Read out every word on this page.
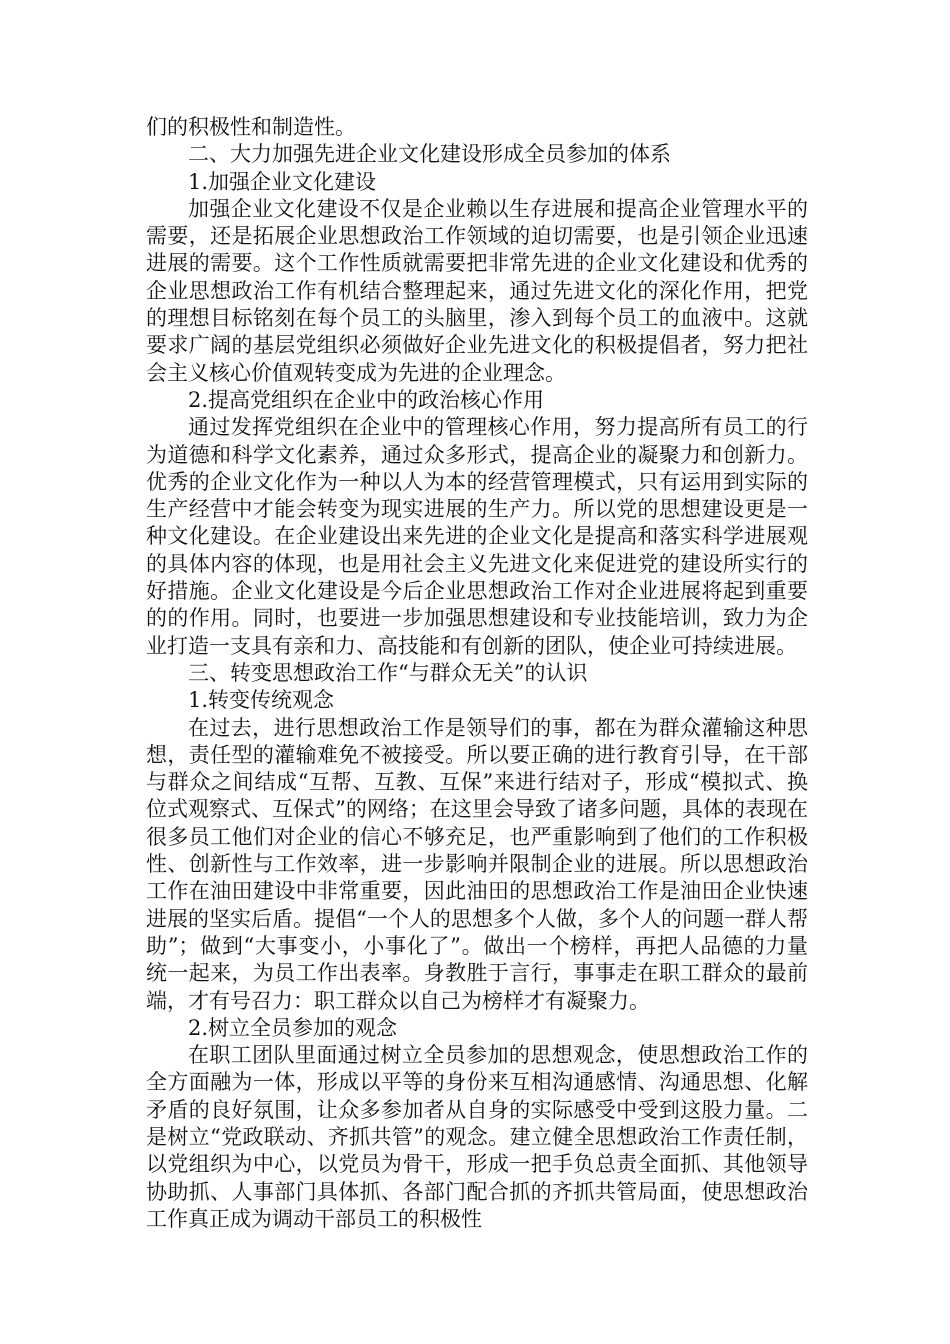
们的积极性和制造性。

二、大力加强先进企业文化建设形成全员参加的体系

1.加强企业文化建设

加强企业文化建设不仅是企业赖以生存进展和提高企业管理水平的需要，还是拓展企业思想政治工作领域的迫切需要，也是引领企业迅速进展的需要。这个工作性质就需要把非常先进的企业文化建设和优秀的企业思想政治工作有机结合整理起来，通过先进文化的深化作用，把党的理想目标铭刻在每个员工的头脑里，渗入到每个员工的血液中。这就要求广阔的基层党组织必须做好企业先进文化的积极提倡者，努力把社会主义核心价值观转变成为先进的企业理念。

2.提高党组织在企业中的政治核心作用

通过发挥党组织在企业中的管理核心作用，努力提高所有员工的行为道德和科学文化素养，通过众多形式，提高企业的凝聚力和创新力。优秀的企业文化作为一种以人为本的经营管理模式，只有运用到实际的生产经营中才能会转变为现实进展的生产力。所以党的思想建设更是一种文化建设。在企业建设出来先进的企业文化是提高和落实科学进展观的具体内容的体现，也是用社会主义先进文化来促进党的建设所实行的好措施。企业文化建设是今后企业思想政治工作对企业进展将起到重要的的作用。同时，也要进一步加强思想建设和专业技能培训，致力为企业打造一支具有亲和力、高技能和有创新的团队，使企业可持续进展。

三、转变思想政治工作“与群众无关”的认识

1.转变传统观念

在过去，进行思想政治工作是领导们的事，都在为群众灌输这种思想，责任型的灌输难免不被接受。所以要正确的进行教育引导，在干部与群众之间结成“互帮、互教、互保”来进行结对子，形成“模拟式、换位式观察式、互保式”的网络；在这里会导致了诸多问题，具体的表现在很多员工他们对企业的信心不够充足，也严重影响到了他们的工作积极性、创新性与工作效率，进一步影响并限制企业的进展。所以思想政治工作在油田建设中非常重要，因此油田的思想政治工作是油田企业快速进展的坚实后盾。提倡“一个人的思想多个人做，多个人的问题一群人帮助”；做到“大事变小，小事化了”。做出一个榜样，再把人品德的力量统一起来，为员工作出表率。身教胜于言行，事事走在职工群众的最前端，才有号召力：职工群众以自己为榜样才有凝聚力。

2.树立全员参加的观念

在职工团队里面通过树立全员参加的思想观念，使思想政治工作的全方面融为一体，形成以平等的身份来互相沟通感情、沟通思想、化解矛盾的良好氛围，让众多参加者从自身的实际感受中受到这股力量。二是树立“党政联动、齐抓共管”的观念。建立健全思想政治工作责任制，以党组织为中心，以党员为骨干，形成一把手负总责全面抓、其他领导协助抓、人事部门具体抓、各部门配合抓的齐抓共管局面，使思想政治工作真正成为调动干部员工的积极性
